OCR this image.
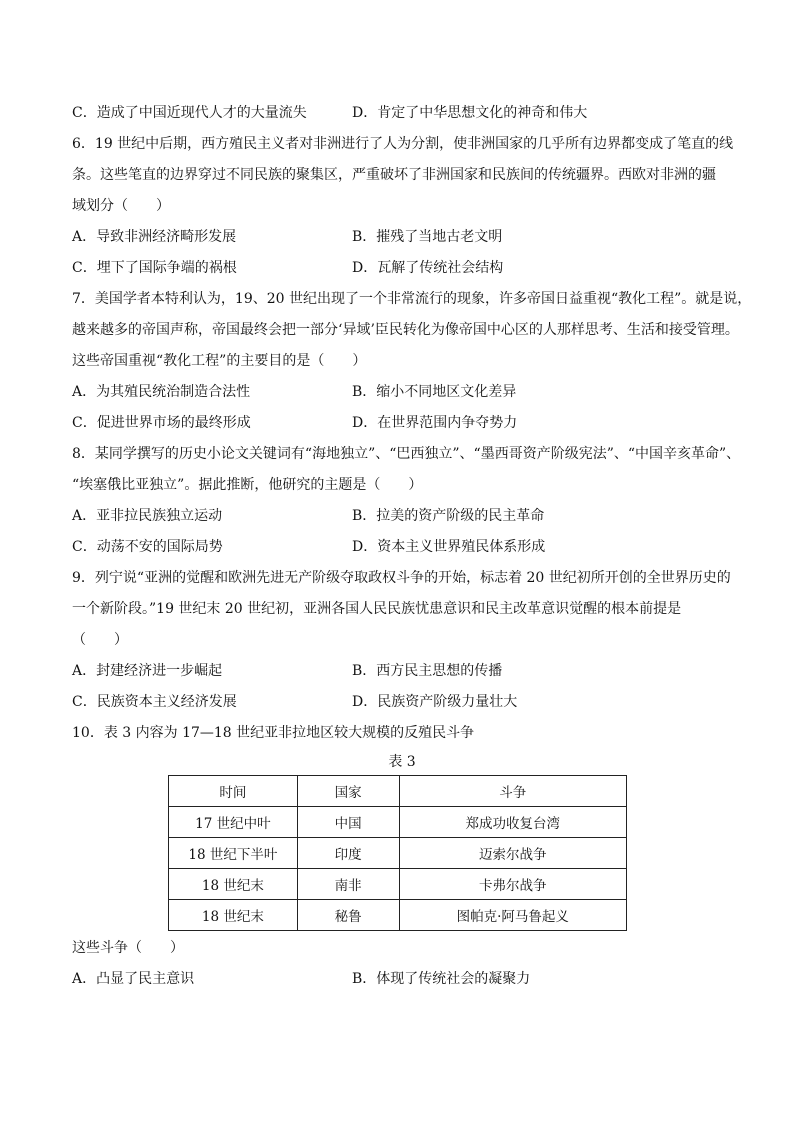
C．造成了中国近现代人才的大量流失	D．肯定了中华思想文化的神奇和伟大
6．19 世纪中后期，西方殖民主义者对非洲进行了人为分割，使非洲国家的几乎所有边界都变成了笔直的线
条。这些笔直的边界穿过不同民族的聚集区，严重破坏了非洲国家和民族间的传统疆界。西欧对非洲的疆
域划分（　　）
A．导致非洲经济畸形发展	B．摧残了当地古老文明
C．埋下了国际争端的祸根	D．瓦解了传统社会结构
7．美国学者本特利认为，19、20 世纪出现了一个非常流行的现象，许多帝国日益重视“教化工程”。就是说，
越来越多的帝国声称，帝国最终会把一部分‘异域’臣民转化为像帝国中心区的人那样思考、生活和接受管理。
这些帝国重视“教化工程”的主要目的是（　　）
A．为其殖民统治制造合法性	B．缩小不同地区文化差异
C．促进世界市场的最终形成	D．在世界范围内争夺势力
8．某同学撰写的历史小论文关键词有“海地独立”、“巴西独立”、“墨西哥资产阶级宪法”、“中国辛亥革命”、
“埃塞俄比亚独立”。据此推断，他研究的主题是（　　）
A．亚非拉民族独立运动	B．拉美的资产阶级的民主革命
C．动荡不安的国际局势	D．资本主义世界殖民体系形成
9．列宁说“亚洲的觉醒和欧洲先进无产阶级夺取政权斗争的开始，标志着 20 世纪初所开创的全世界历史的
一个新阶段。”19 世纪末 20 世纪初，亚洲各国人民民族忧患意识和民主改革意识觉醒的根本前提是
（　　）
A．封建经济进一步崛起	B．西方民主思想的传播
C．民族资本主义经济发展	D．民族资产阶级力量壮大
10．表 3 内容为 17—18 世纪亚非拉地区较大规模的反殖民斗争
表 3
时间	国家	斗争
17 世纪中叶	中国	郑成功收复台湾
18 世纪下半叶	印度	迈索尔战争
18 世纪末	南非	卡弗尔战争
18 世纪末	秘鲁	图帕克·阿马鲁起义
这些斗争（　　）
A．凸显了民主意识	B．体现了传统社会的凝聚力
